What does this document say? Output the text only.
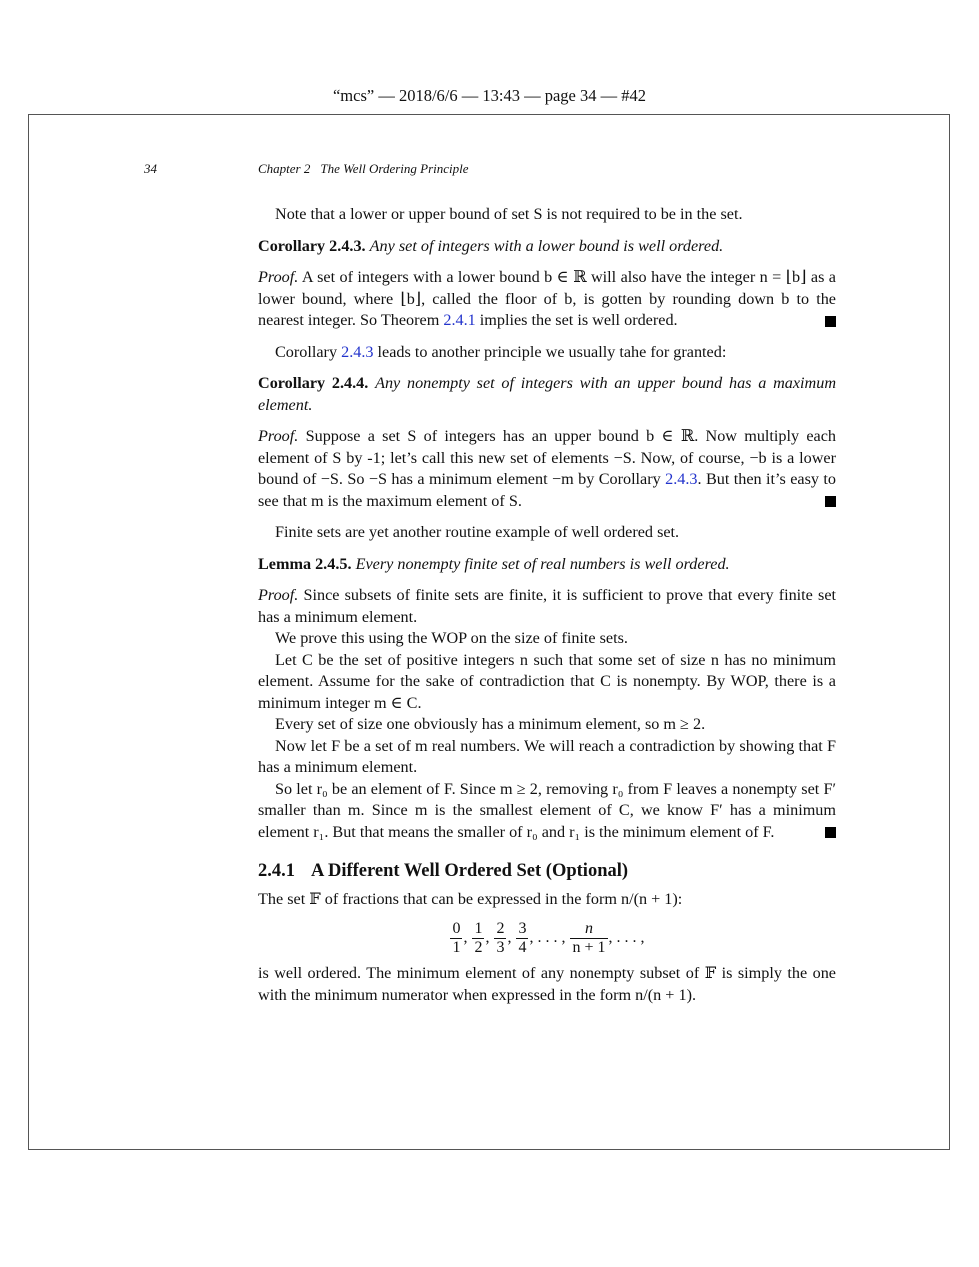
“mcs” — 2018/6/6 — 13:43 — page 34 — #42
34	Chapter 2 The Well Ordering Principle

Note that a lower or upper bound of set S is not required to be in the set.

Corollary 2.4.3. Any set of integers with a lower bound is well ordered.

Proof. A set of integers with a lower bound b ∈ ℝ will also have the integer n = ⌊b⌋ as a lower bound, where ⌊b⌋, called the floor of b, is gotten by rounding down b to the nearest integer. So Theorem 2.4.1 implies the set is well ordered.

Corollary 2.4.3 leads to another principle we usually tahe for granted:

Corollary 2.4.4. Any nonempty set of integers with an upper bound has a maximum element.

Proof. Suppose a set S of integers has an upper bound b ∈ ℝ. Now multiply each element of S by -1; let’s call this new set of elements −S. Now, of course, −b is a lower bound of −S. So −S has a minimum element −m by Corollary 2.4.3. But then it’s easy to see that m is the maximum element of S.

Finite sets are yet another routine example of well ordered set.

Lemma 2.4.5. Every nonempty finite set of real numbers is well ordered.

Proof. Since subsets of finite sets are finite, it is sufficient to prove that every finite set has a minimum element.

We prove this using the WOP on the size of finite sets.

Let C be the set of positive integers n such that some set of size n has no minimum element. Assume for the sake of contradiction that C is nonempty. By WOP, there is a minimum integer m ∈ C.

Every set of size one obviously has a minimum element, so m ≥ 2.

Now let F be a set of m real numbers. We will reach a contradiction by showing that F has a minimum element.

So let r₀ be an element of F. Since m ≥ 2, removing r₀ from F leaves a nonempty set F′ smaller than m. Since m is the smallest element of C, we know F′ has a minimum element r₁. But that means the smaller of r₀ and r₁ is the minimum element of F.

2.4.1 A Different Well Ordered Set (Optional)

The set 𝔽 of fractions that can be expressed in the form n/(n + 1):

$\frac{0}{1}$ , $\frac{1}{2}$ , $\frac{2}{3}$ , $\frac{3}{4}$ , . . . , $\frac{n}{n + 1}$ , . . . ,

is well ordered. The minimum element of any nonempty subset of 𝔽 is simply the one with the minimum numerator when expressed in the form n/(n + 1).
